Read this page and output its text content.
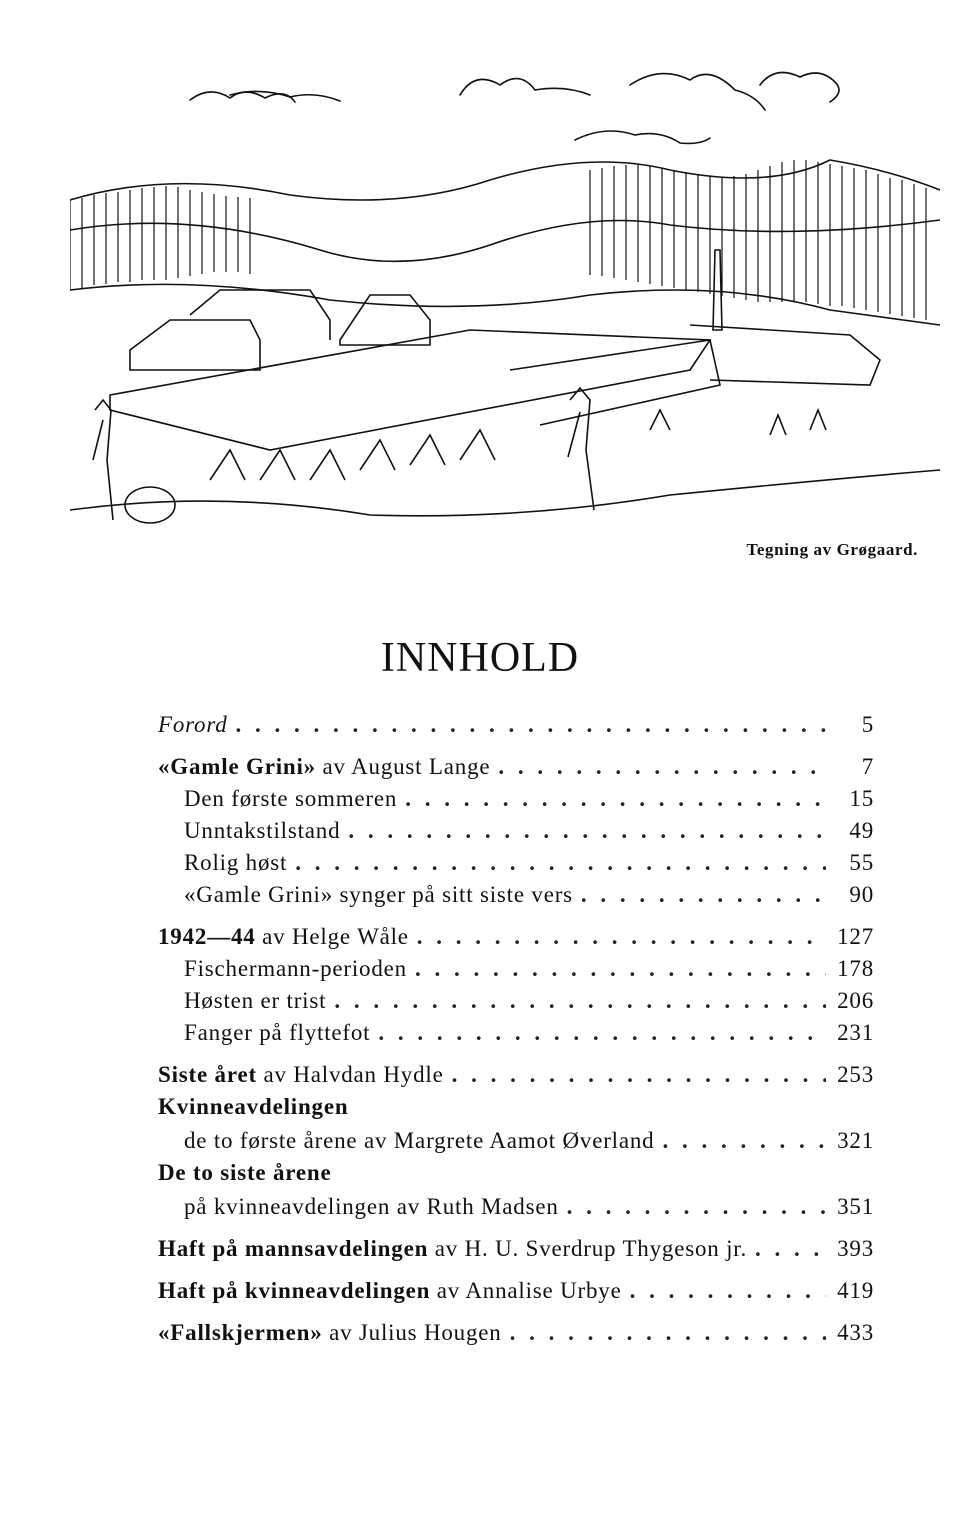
Tegning av Grøgaard.
INNHOLD
Forord . . .	5
«Gamle Grini» av August Lange . . .	7
Den første sommeren . . .	15
Unntakstilstand . . .	49
Rolig høst . . .	55
«Gamle Grini» synger på sitt siste vers . . .	90
1942—44 av Helge Wåle . . .	127
Fischermann-perioden . . .	178
Høsten er trist . . .	206
Fanger på flyttefot . . .	231
Siste året av Halvdan Hydle . . .	253
Kvinneavdelingen
de to første årene av Margrete Aamot Øverland . . .	321
De to siste årene
på kvinneavdelingen av Ruth Madsen . . .	351
Haft på mannsavdelingen av H. U. Sverdrup Thygeson jr. . . .	393
Haft på kvinneavdelingen av Annalise Urbye . . .	419
«Fallskjermen» av Julius Hougen . . .	433
